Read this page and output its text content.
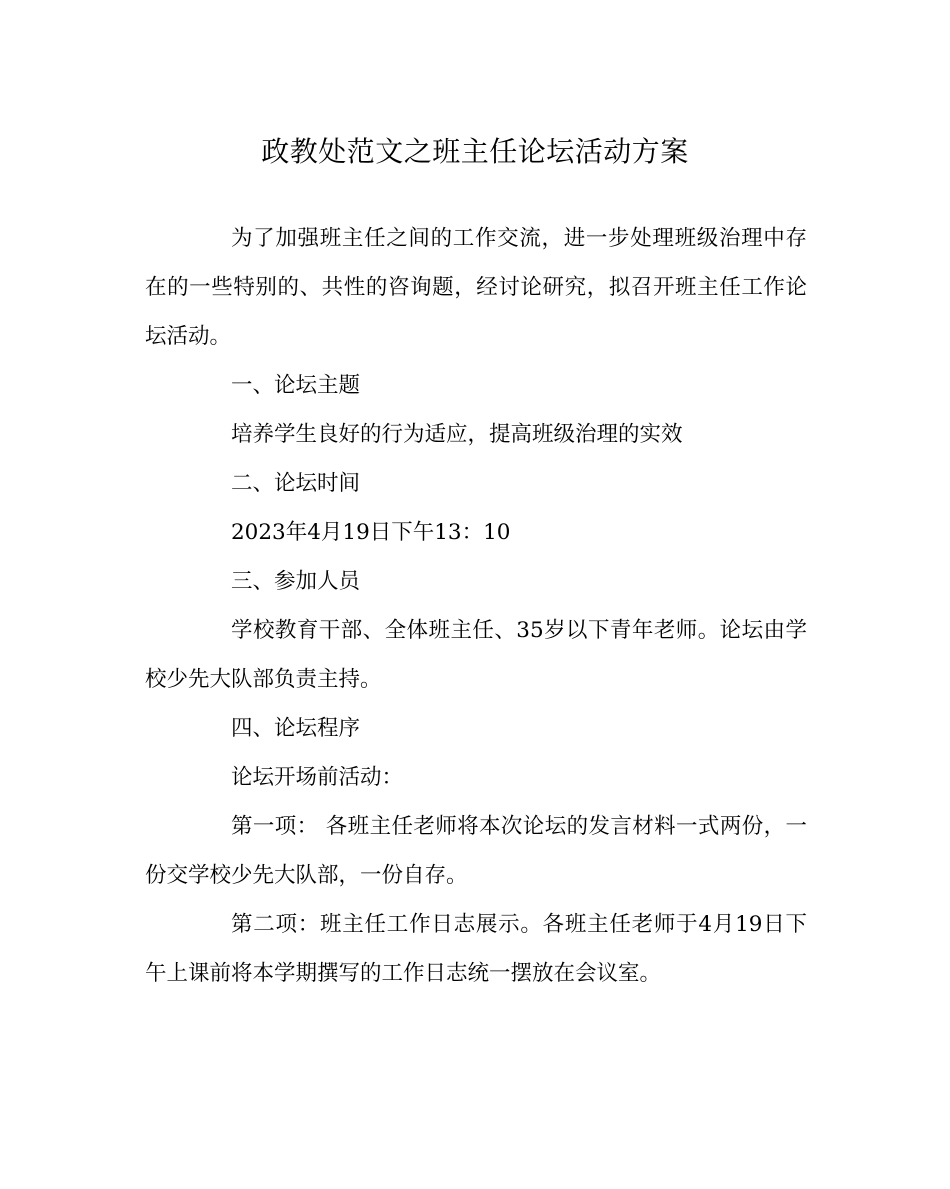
政教处范文之班主任论坛活动方案

为了加强班主任之间的工作交流，进一步处理班级治理中存在的一些特别的、共性的咨询题，经讨论研究，拟召开班主任工作论坛活动。

一、论坛主题

培养学生良好的行为适应，提高班级治理的实效

二、论坛时间

2023年4月19日下午13：10

三、参加人员

学校教育干部、全体班主任、35岁以下青年老师。论坛由学校少先大队部负责主持。

四、论坛程序

论坛开场前活动：

第一项： 各班主任老师将本次论坛的发言材料一式两份，一份交学校少先大队部，一份自存。

第二项：班主任工作日志展示。各班主任老师于4月19日下午上课前将本学期撰写的工作日志统一摆放在会议室。
